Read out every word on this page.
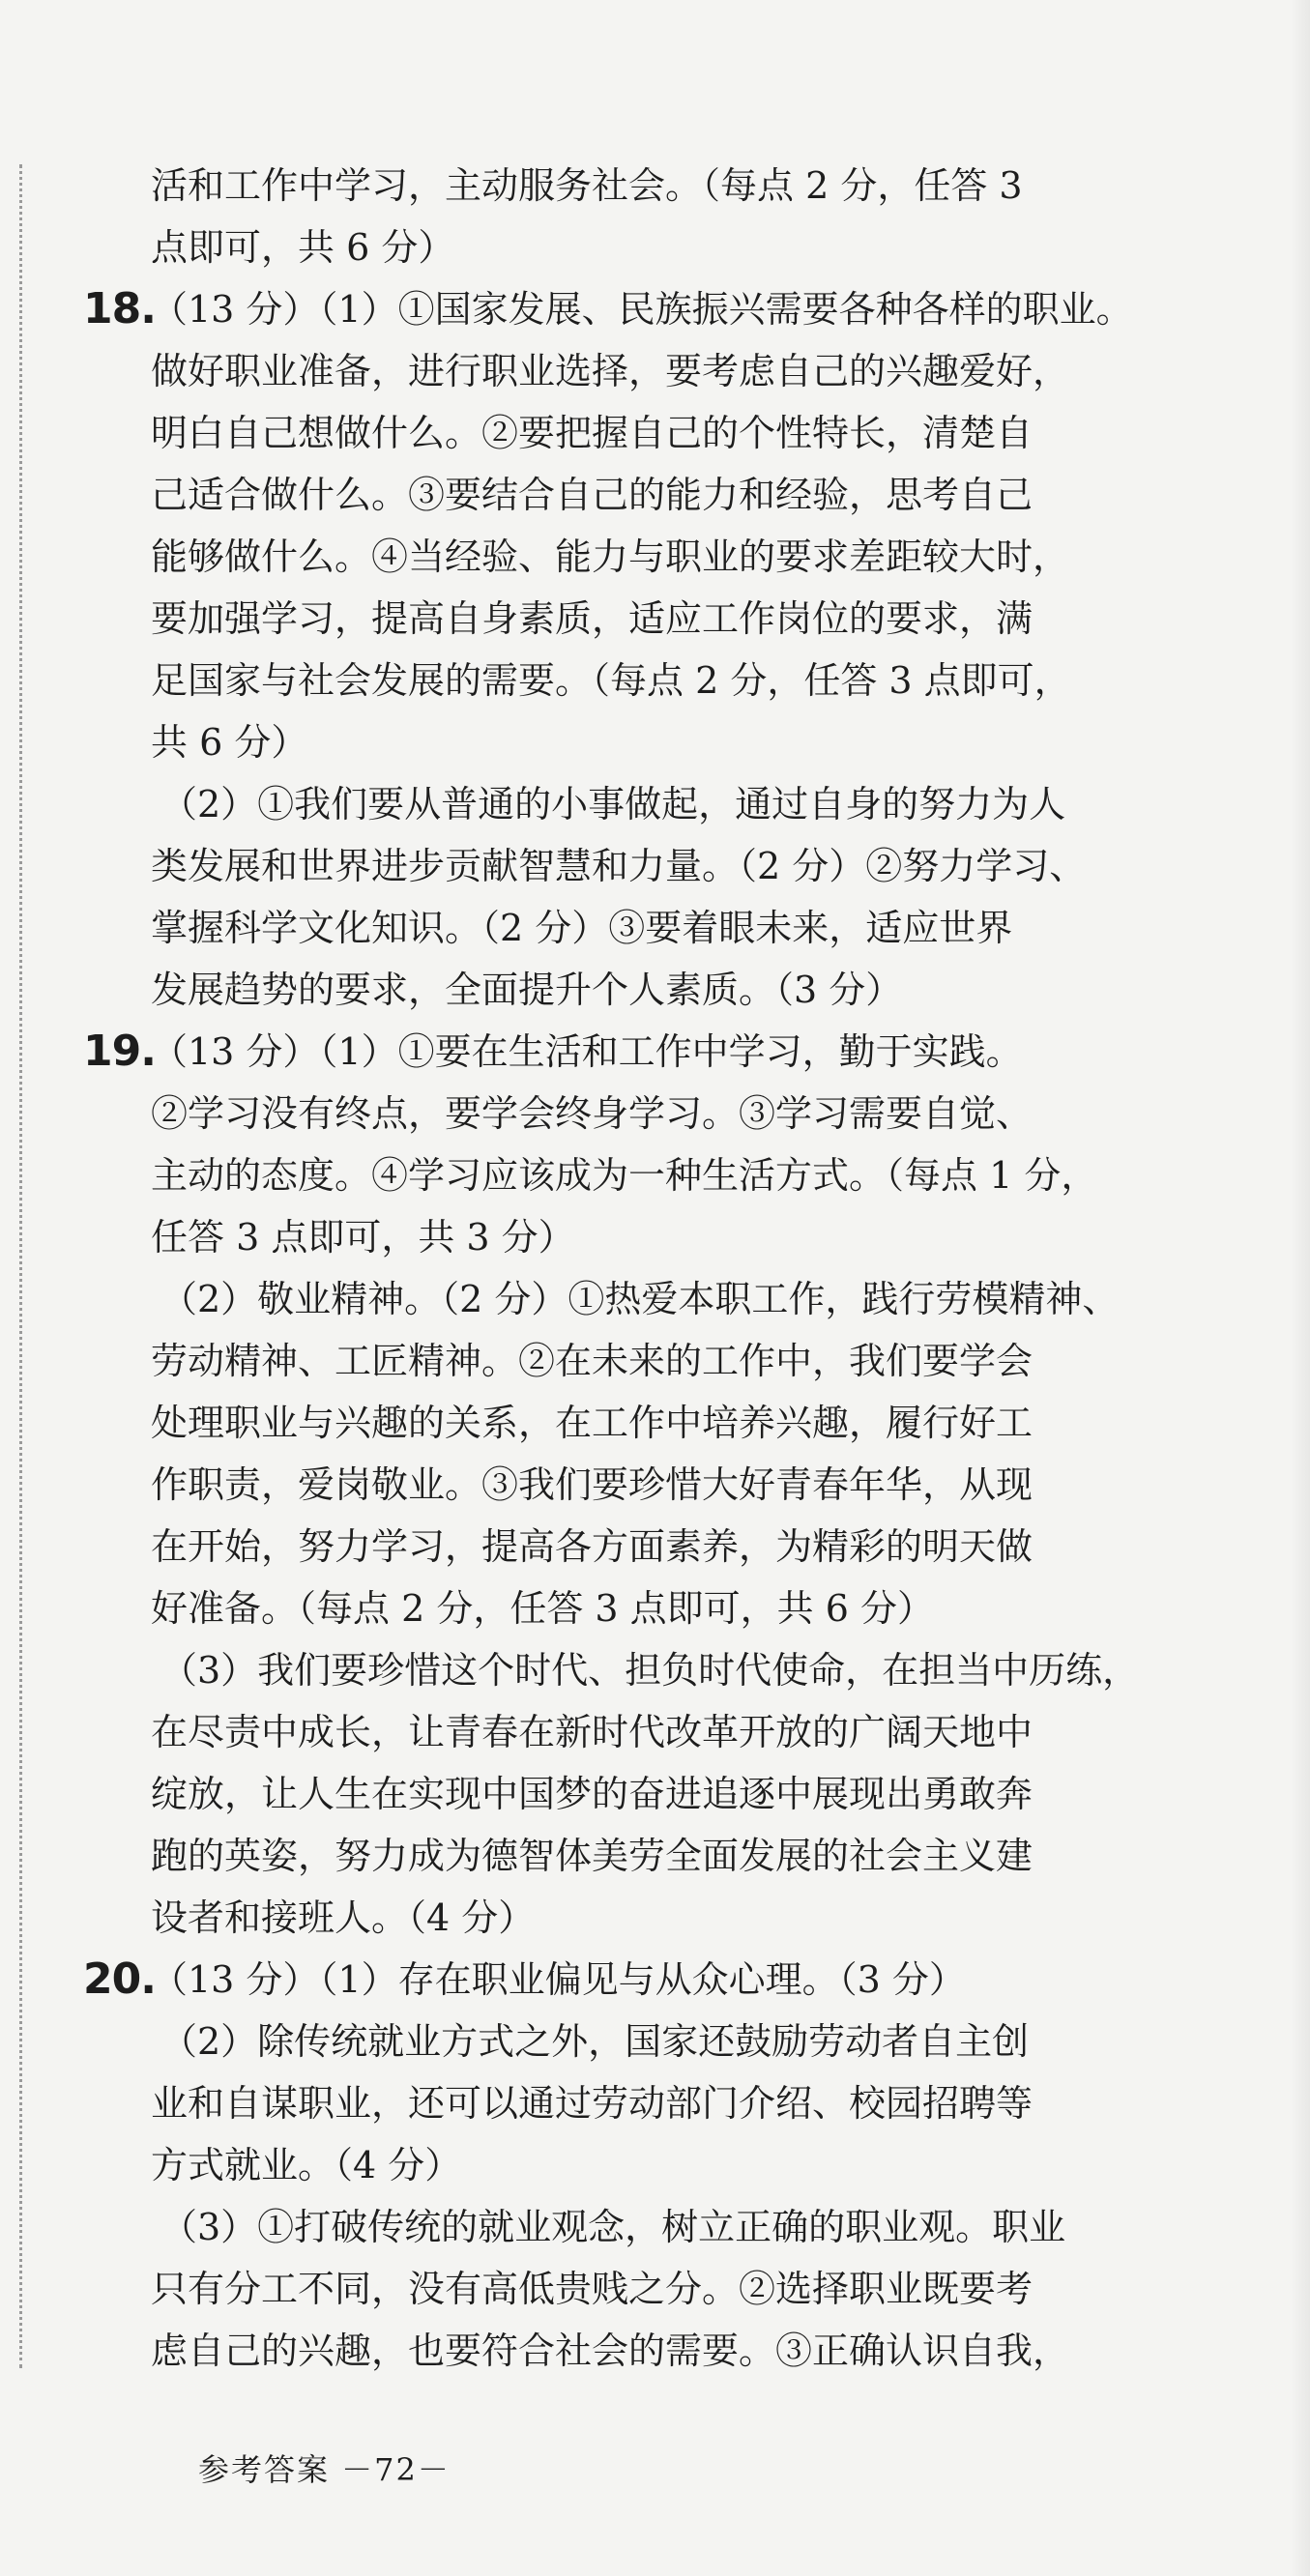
活和工作中学习，主动服务社会。（每点 2 分，任答 3
点即可，共 6 分）
18.
（13 分）（1）①国家发展、民族振兴需要各种各样的职业。
做好职业准备，进行职业选择，要考虑自己的兴趣爱好，
明白自己想做什么。②要把握自己的个性特长，清楚自
己适合做什么。③要结合自己的能力和经验，思考自己
能够做什么。④当经验、能力与职业的要求差距较大时，
要加强学习，提高自身素质，适应工作岗位的要求，满
足国家与社会发展的需要。（每点 2 分，任答 3 点即可，
共 6 分）
（2）①我们要从普通的小事做起，通过自身的努力为人
类发展和世界进步贡献智慧和力量。（2 分）②努力学习、
掌握科学文化知识。（2 分）③要着眼未来，适应世界
发展趋势的要求，全面提升个人素质。（3 分）
19.
（13 分）（1）①要在生活和工作中学习，勤于实践。
②学习没有终点，要学会终身学习。③学习需要自觉、
主动的态度。④学习应该成为一种生活方式。（每点 1 分，
任答 3 点即可，共 3 分）
（2）敬业精神。（2 分）①热爱本职工作，践行劳模精神、
劳动精神、工匠精神。②在未来的工作中，我们要学会
处理职业与兴趣的关系，在工作中培养兴趣，履行好工
作职责，爱岗敬业。③我们要珍惜大好青春年华，从现
在开始，努力学习，提高各方面素养，为精彩的明天做
好准备。（每点 2 分，任答 3 点即可，共 6 分）
（3）我们要珍惜这个时代、担负时代使命，在担当中历练，
在尽责中成长，让青春在新时代改革开放的广阔天地中
绽放，让人生在实现中国梦的奋进追逐中展现出勇敢奔
跑的英姿，努力成为德智体美劳全面发展的社会主义建
设者和接班人。（4 分）
20.
（13 分）（1）存在职业偏见与从众心理。（3 分）
（2）除传统就业方式之外，国家还鼓励劳动者自主创
业和自谋职业，还可以通过劳动部门介绍、校园招聘等
方式就业。（4 分）
（3）①打破传统的就业观念，树立正确的职业观。职业
只有分工不同，没有高低贵贱之分。②选择职业既要考
虑自己的兴趣，也要符合社会的需要。③正确认识自我，
参考答案 －72－
